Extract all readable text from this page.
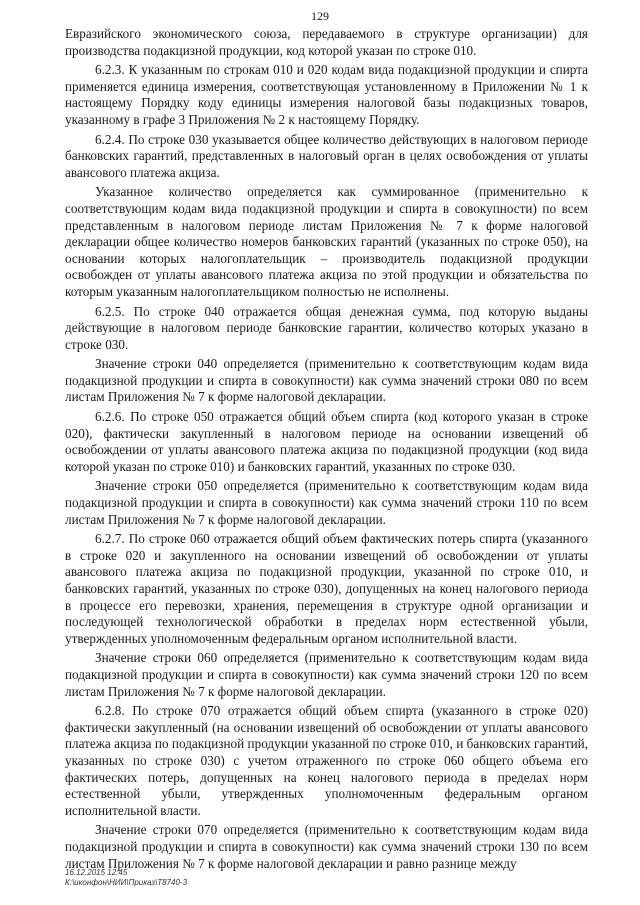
129

Евразийского экономического союза, передаваемого в структуре организации) для производства подакцизной продукции, код которой указан по строке 010.

6.2.3. К указанным по строкам 010 и 020 кодам вида подакцизной продукции и спирта применяется единица измерения, соответствующая установленному в Приложении № 1 к настоящему Порядку коду единицы измерения налоговой базы подакцизных товаров, указанному в графе 3 Приложения № 2 к настоящему Порядку.

6.2.4. По строке 030 указывается общее количество действующих в налоговом периоде банковских гарантий, представленных в налоговый орган в целях освобождения от уплаты авансового платежа акциза.

Указанное количество определяется как суммированное (применительно к соответствующим кодам вида подакцизной продукции и спирта в совокупности) по всем представленным в налоговом периоде листам Приложения № 7 к форме налоговой декларации общее количество номеров банковских гарантий (указанных по строке 050), на основании которых налогоплательщик – производитель подакцизной продукции освобожден от уплаты авансового платежа акциза по этой продукции и обязательства по которым указанным налогоплательщиком полностью не исполнены.

6.2.5. По строке 040 отражается общая денежная сумма, под которую выданы действующие в налоговом периоде банковские гарантии, количество которых указано в строке 030.

Значение строки 040 определяется (применительно к соответствующим кодам вида подакцизной продукции и спирта в совокупности) как сумма значений строки 080 по всем листам Приложения № 7 к форме налоговой декларации.

6.2.6. По строке 050 отражается общий объем спирта (код которого указан в строке 020), фактически закупленный в налоговом периоде на основании извещений об освобождении от уплаты авансового платежа акциза по подакцизной продукции (код вида которой указан по строке 010) и банковских гарантий, указанных по строке 030.

Значение строки 050 определяется (применительно к соответствующим кодам вида подакцизной продукции и спирта в совокупности) как сумма значений строки 110 по всем листам Приложения № 7 к форме налоговой декларации.

6.2.7. По строке 060 отражается общий объем фактических потерь спирта (указанного в строке 020 и закупленного на основании извещений об освобождении от уплаты авансового платежа акциза по подакцизной продукции, указанной по строке 010, и банковских гарантий, указанных по строке 030), допущенных на конец налогового периода в процессе его перевозки, хранения, перемещения в структуре одной организации и последующей технологической обработки в пределах норм естественной убыли, утвержденных уполномоченным федеральным органом исполнительной власти.

Значение строки 060 определяется (применительно к соответствующим кодам вида подакцизной продукции и спирта в совокупности) как сумма значений строки 120 по всем листам Приложения № 7 к форме налоговой декларации.

6.2.8. По строке 070 отражается общий объем спирта (указанного в строке 020) фактически закупленный (на основании извещений об освобождении от уплаты авансового платежа акциза по подакцизной продукции указанной по строке 010, и банковских гарантий, указанных по строке 030) с учетом отраженного по строке 060 общего объема его фактических потерь, допущенных на конец налогового периода в пределах норм естественной убыли, утвержденных уполномоченным федеральным органом исполнительной власти.

Значение строки 070 определяется (применительно к соответствующим кодам вида подакцизной продукции и спирта в совокупности) как сумма значений строки 130 по всем листам Приложения № 7 к форме налоговой декларации и равно разнице между

16.12.2015 12:45
К:\иконфон\НИИ\Приказ\Т8740-3
